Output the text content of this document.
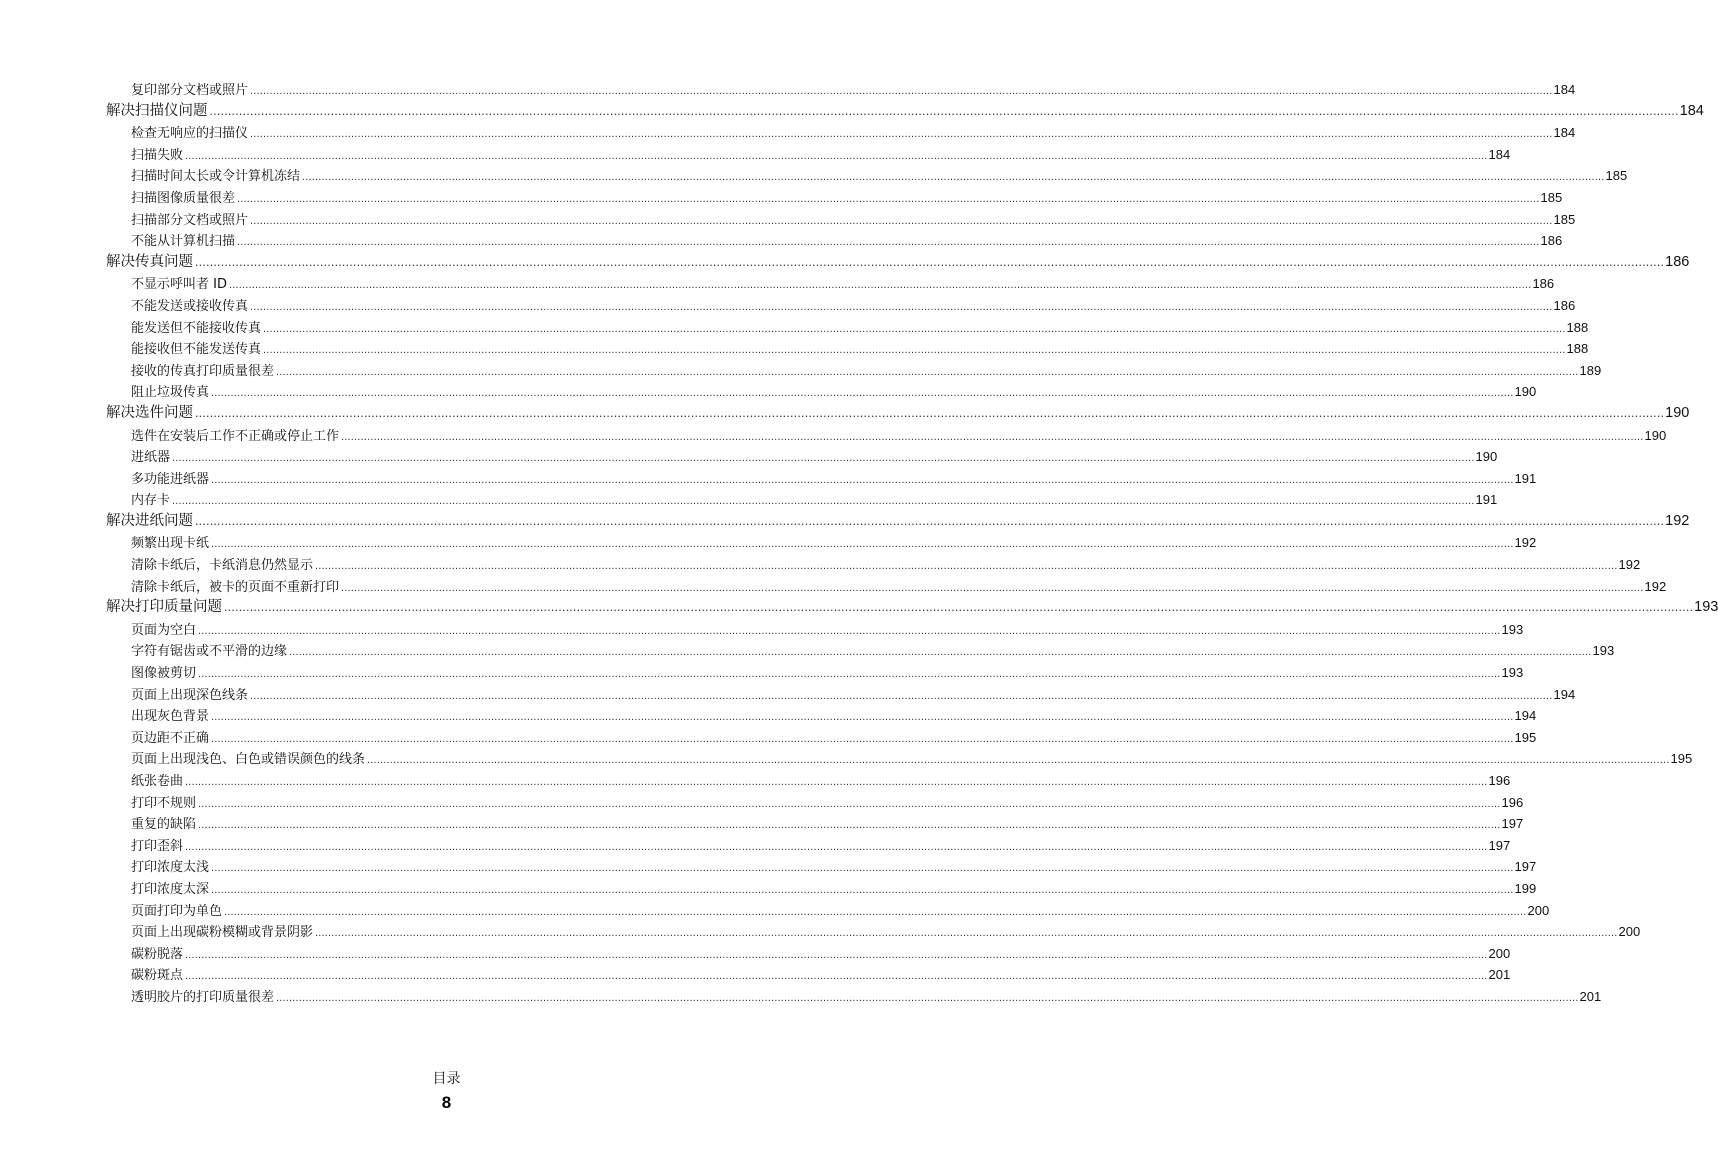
复印部分文档或照片 ................................................................................................................................................................................................................................................................................................................................................................................................................ 184
解决扫描仪问题 ................................................................................................................................................................................................................................................................................................................................................................................................................ 184
检查无响应的扫描仪 ................................................................................................................................................................................................................................................................................................................................................................................................................ 184
扫描失败 ................................................................................................................................................................................................................................................................................................................................................................................................................ 184
扫描时间太长或令计算机冻结 ................................................................................................................................................................................................................................................................................................................................................................................................................ 185
扫描图像质量很差 ................................................................................................................................................................................................................................................................................................................................................................................................................ 185
扫描部分文档或照片 ................................................................................................................................................................................................................................................................................................................................................................................................................ 185
不能从计算机扫描 ................................................................................................................................................................................................................................................................................................................................................................................................................ 186
解决传真问题 ................................................................................................................................................................................................................................................................................................................................................................................................................ 186
不显示呼叫者 ID ................................................................................................................................................................................................................................................................................................................................................................................................................ 186
不能发送或接收传真 ................................................................................................................................................................................................................................................................................................................................................................................................................ 186
能发送但不能接收传真 ................................................................................................................................................................................................................................................................................................................................................................................................................ 188
能接收但不能发送传真 ................................................................................................................................................................................................................................................................................................................................................................................................................ 188
接收的传真打印质量很差 ................................................................................................................................................................................................................................................................................................................................................................................................................ 189
阻止垃圾传真 ................................................................................................................................................................................................................................................................................................................................................................................................................ 190
解决选件问题 ................................................................................................................................................................................................................................................................................................................................................................................................................ 190
选件在安装后工作不正确或停止工作 ................................................................................................................................................................................................................................................................................................................................................................................................................ 190
进纸器 ................................................................................................................................................................................................................................................................................................................................................................................................................ 190
多功能进纸器 ................................................................................................................................................................................................................................................................................................................................................................................................................ 191
内存卡 ................................................................................................................................................................................................................................................................................................................................................................................................................ 191
解决进纸问题 ................................................................................................................................................................................................................................................................................................................................................................................................................ 192
频繁出现卡纸 ................................................................................................................................................................................................................................................................................................................................................................................................................ 192
清除卡纸后，卡纸消息仍然显示 ................................................................................................................................................................................................................................................................................................................................................................................................................ 192
清除卡纸后，被卡的页面不重新打印 ................................................................................................................................................................................................................................................................................................................................................................................................................ 192
解决打印质量问题 ................................................................................................................................................................................................................................................................................................................................................................................................................ 193
页面为空白 ................................................................................................................................................................................................................................................................................................................................................................................................................ 193
字符有锯齿或不平滑的边缘 ................................................................................................................................................................................................................................................................................................................................................................................................................ 193
图像被剪切 ................................................................................................................................................................................................................................................................................................................................................................................................................ 193
页面上出现深色线条 ................................................................................................................................................................................................................................................................................................................................................................................................................ 194
出现灰色背景 ................................................................................................................................................................................................................................................................................................................................................................................................................ 194
页边距不正确 ................................................................................................................................................................................................................................................................................................................................................................................................................ 195
页面上出现浅色、白色或错误颜色的线条 ................................................................................................................................................................................................................................................................................................................................................................................................................ 195
纸张卷曲 ................................................................................................................................................................................................................................................................................................................................................................................................................ 196
打印不规则 ................................................................................................................................................................................................................................................................................................................................................................................................................ 196
重复的缺陷 ................................................................................................................................................................................................................................................................................................................................................................................................................ 197
打印歪斜 ................................................................................................................................................................................................................................................................................................................................................................................................................ 197
打印浓度太浅 ................................................................................................................................................................................................................................................................................................................................................................................................................ 197
打印浓度太深 ................................................................................................................................................................................................................................................................................................................................................................................................................ 199
页面打印为单色 ................................................................................................................................................................................................................................................................................................................................................................................................................ 200
页面上出现碳粉模糊或背景阴影 ................................................................................................................................................................................................................................................................................................................................................................................................................ 200
碳粉脱落 ................................................................................................................................................................................................................................................................................................................................................................................................................ 200
碳粉斑点 ................................................................................................................................................................................................................................................................................................................................................................................................................ 201
透明胶片的打印质量很差 ................................................................................................................................................................................................................................................................................................................................................................................................................ 201
目录
8
